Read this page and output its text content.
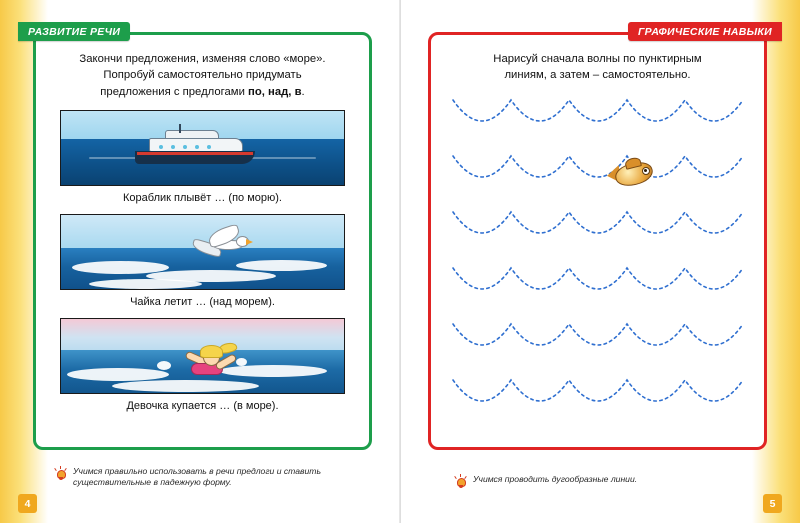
РАЗВИТИЕ РЕЧИ
Закончи предложения, изменяя слово «море».
Попробуй самостоятельно придумать
предложения с предлогами по, над, в.
Кораблик плывёт … (по морю).
Чайка летит … (над морем).
Девочка купается … (в море).
Учимся правильно использовать в речи предлоги и ставить
существительные в падежную форму.
4
ГРАФИЧЕСКИЕ НАВЫКИ
Нарисуй сначала волны по пунктирным
линиям, а затем – самостоятельно.
Учимся проводить дугообразные линии.
5
